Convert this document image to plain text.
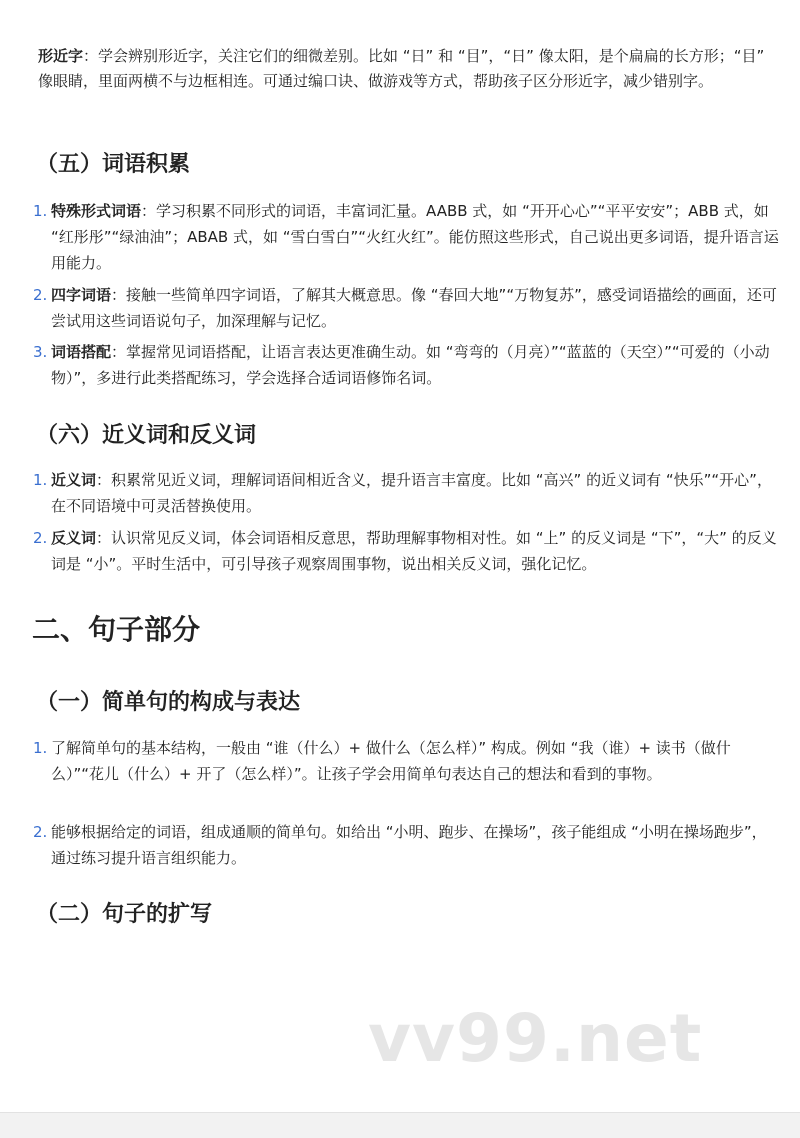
形近字：学会辨别形近字，关注它们的细微差别。比如 “日” 和 “目”，“日” 像太阳，是个扁扁的长方形；“目” 像眼睛，里面两横不与边框相连。可通过编口诀、做游戏等方式，帮助孩子区分形近字，减少错别字。

（五）词语积累
1. 特殊形式词语：学习积累不同形式的词语，丰富词汇量。AABB 式，如 “开开心心”“平平安安”；ABB 式，如 “红彤彤”“绿油油”；ABAB 式，如 “雪白雪白”“火红火红”。能仿照这些形式，自己说出更多词语，提升语言运用能力。
2. 四字词语：接触一些简单四字词语，了解其大概意思。像 “春回大地”“万物复苏”，感受词语描绘的画面，还可尝试用这些词语说句子，加深理解与记忆。
3. 词语搭配：掌握常见词语搭配，让语言表达更准确生动。如 “弯弯的（月亮）”“蓝蓝的（天空）”“可爱的（小动物）”，多进行此类搭配练习，学会选择合适词语修饰名词。
（六）近义词和反义词
1. 近义词：积累常见近义词，理解词语间相近含义，提升语言丰富度。比如 “高兴” 的近义词有 “快乐”“开心”，在不同语境中可灵活替换使用。
2. 反义词：认识常见反义词，体会词语相反意思，帮助理解事物相对性。如 “上” 的反义词是 “下”，“大” 的反义词是 “小”。平时生活中，可引导孩子观察周围事物，说出相关反义词，强化记忆。
二、句子部分
（一）简单句的构成与表达
1. 了解简单句的基本结构，一般由 “谁（什么）+ 做什么（怎么样）” 构成。例如 “我（谁）+ 读书（做什么）”“花儿（什么）+ 开了（怎么样）”。让孩子学会用简单句表达自己的想法和看到的事物。
2. 能够根据给定的词语，组成通顺的简单句。如给出 “小明、跑步、在操场”，孩子能组成 “小明在操场跑步”，通过练习提升语言组织能力。
（二）句子的扩写
vv99.net
